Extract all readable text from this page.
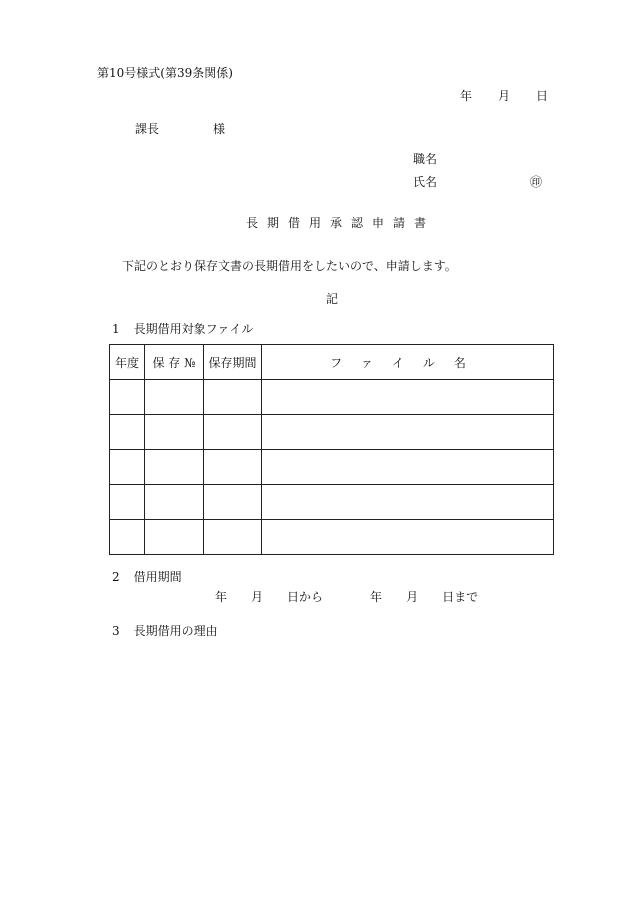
第10号様式(第39条関係)
年 月 日
課長	様
職名
氏名	㊞
長期借用承認申請書
下記のとおり保存文書の長期借用をしたいので、申請します。
記
1 長期借用対象ファイル
年度	保 存 №	保存期間	ファイル名

2 借用期間
年 月 日から	年 月 日まで
3 長期借用の理由
